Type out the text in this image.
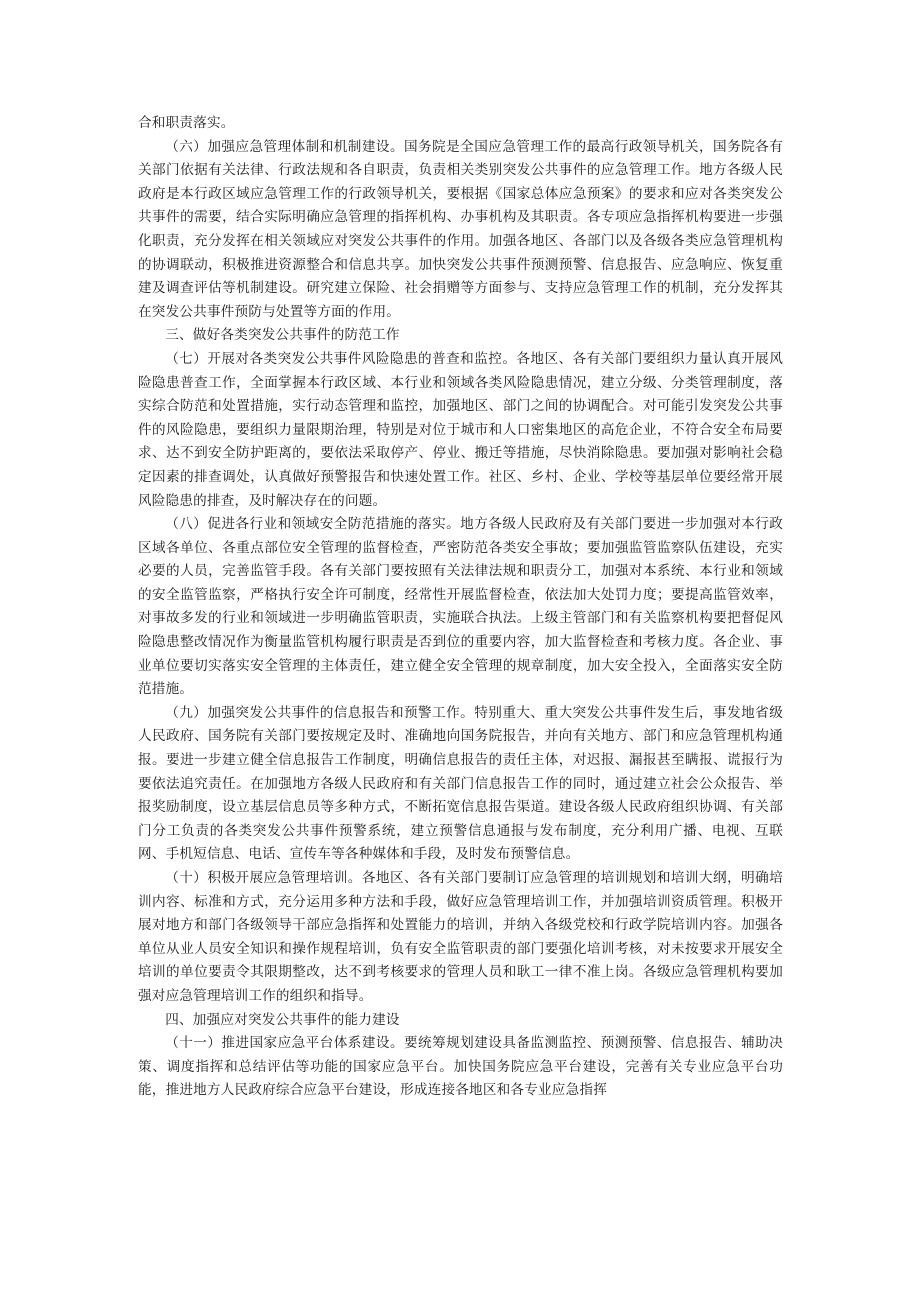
合和职责落实。

（六）加强应急管理体制和机制建设。国务院是全国应急管理工作的最高行政领导机关，国务院各有关部门依据有关法律、行政法规和各自职责，负责相关类别突发公共事件的应急管理工作。地方各级人民政府是本行政区域应急管理工作的行政领导机关，要根据《国家总体应急预案》的要求和应对各类突发公共事件的需要，结合实际明确应急管理的指挥机构、办事机构及其职责。各专项应急指挥机构要进一步强化职责，充分发挥在相关领域应对突发公共事件的作用。加强各地区、各部门以及各级各类应急管理机构的协调联动，积极推进资源整合和信息共享。加快突发公共事件预测预警、信息报告、应急响应、恢复重建及调查评估等机制建设。研究建立保险、社会捐赠等方面参与、支持应急管理工作的机制，充分发挥其在突发公共事件预防与处置等方面的作用。

三、做好各类突发公共事件的防范工作

（七）开展对各类突发公共事件风险隐患的普查和监控。各地区、各有关部门要组织力量认真开展风险隐患普查工作，全面掌握本行政区域、本行业和领域各类风险隐患情况，建立分级、分类管理制度，落实综合防范和处置措施，实行动态管理和监控，加强地区、部门之间的协调配合。对可能引发突发公共事件的风险隐患，要组织力量限期治理，特别是对位于城市和人口密集地区的高危企业，不符合安全布局要求、达不到安全防护距离的，要依法采取停产、停业、搬迁等措施，尽快消除隐患。要加强对影响社会稳定因素的排查调处，认真做好预警报告和快速处置工作。社区、乡村、企业、学校等基层单位要经常开展风险隐患的排查，及时解决存在的问题。

（八）促进各行业和领域安全防范措施的落实。地方各级人民政府及有关部门要进一步加强对本行政区域各单位、各重点部位安全管理的监督检查，严密防范各类安全事故；要加强监管监察队伍建设，充实必要的人员，完善监管手段。各有关部门要按照有关法律法规和职责分工，加强对本系统、本行业和领域的安全监管监察，严格执行安全许可制度，经常性开展监督检查，依法加大处罚力度；要提高监管效率，对事故多发的行业和领域进一步明确监管职责，实施联合执法。上级主管部门和有关监察机构要把督促风险隐患整改情况作为衡量监管机构履行职责是否到位的重要内容，加大监督检查和考核力度。各企业、事业单位要切实落实安全管理的主体责任，建立健全安全管理的规章制度，加大安全投入，全面落实安全防范措施。

（九）加强突发公共事件的信息报告和预警工作。特别重大、重大突发公共事件发生后，事发地省级人民政府、国务院有关部门要按规定及时、准确地向国务院报告，并向有关地方、部门和应急管理机构通报。要进一步建立健全信息报告工作制度，明确信息报告的责任主体，对迟报、漏报甚至瞒报、谎报行为要依法追究责任。在加强地方各级人民政府和有关部门信息报告工作的同时，通过建立社会公众报告、举报奖励制度，设立基层信息员等多种方式，不断拓宽信息报告渠道。建设各级人民政府组织协调、有关部门分工负责的各类突发公共事件预警系统，建立预警信息通报与发布制度，充分利用广播、电视、互联网、手机短信息、电话、宣传车等各种媒体和手段，及时发布预警信息。

（十）积极开展应急管理培训。各地区、各有关部门要制订应急管理的培训规划和培训大纲，明确培训内容、标准和方式，充分运用多种方法和手段，做好应急管理培训工作，并加强培训资质管理。积极开展对地方和部门各级领导干部应急指挥和处置能力的培训，并纳入各级党校和行政学院培训内容。加强各单位从业人员安全知识和操作规程培训，负有安全监管职责的部门要强化培训考核，对未按要求开展安全培训的单位要责令其限期整改，达不到考核要求的管理人员和耿工一律不准上岗。各级应急管理机构要加强对应急管理培训工作的组织和指导。

四、加强应对突发公共事件的能力建设

（十一）推进国家应急平台体系建设。要统筹规划建设具备监测监控、预测预警、信息报告、辅助决策、调度指挥和总结评估等功能的国家应急平台。加快国务院应急平台建设，完善有关专业应急平台功能，推进地方人民政府综合应急平台建设，形成连接各地区和各专业应急指挥
